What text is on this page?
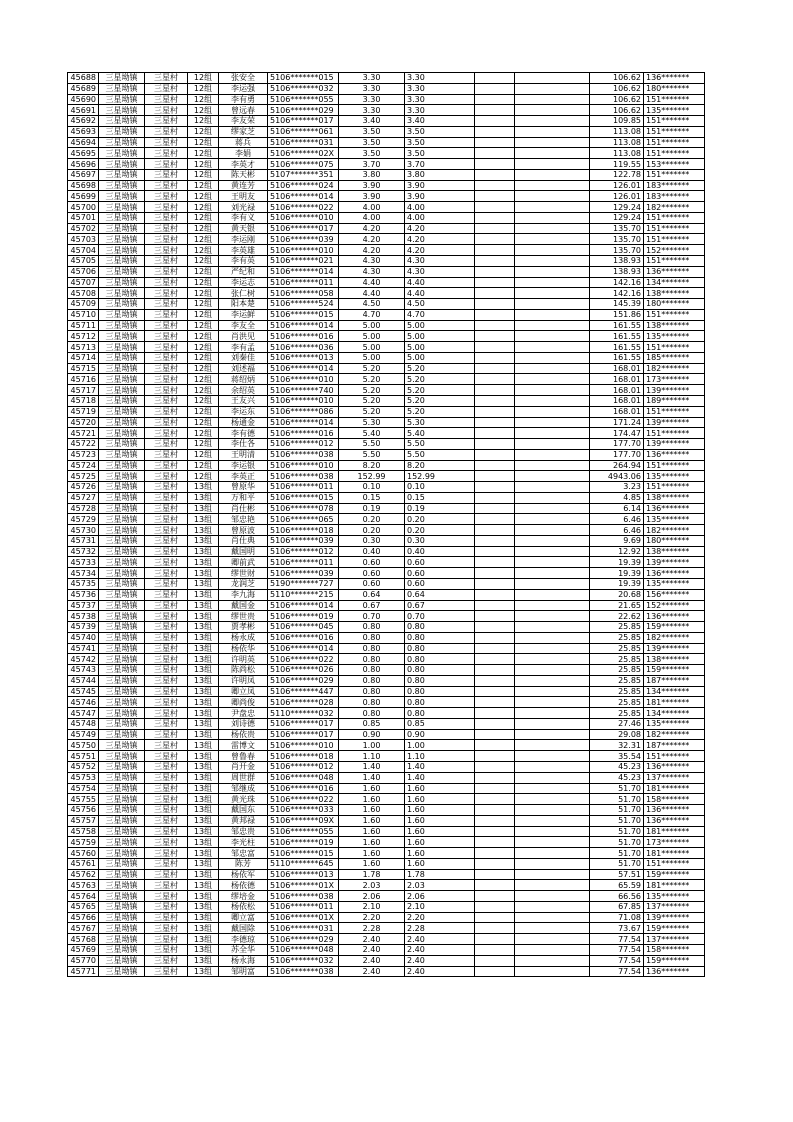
45688	三星坳镇	三星村	12组	张安全	5106*******015	3.30	3.30			106.62	136*******
45689	三星坳镇	三星村	12组	李运强	5106*******032	3.30	3.30			106.62	180*******
45690	三星坳镇	三星村	12组	李有勇	5106*******055	3.30	3.30			106.62	151*******
45691	三星坳镇	三星村	12组	曾远春	5106*******029	3.30	3.30			106.62	135*******
45692	三星坳镇	三星村	12组	李友荣	5106*******017	3.40	3.40			109.85	151*******
45693	三星坳镇	三星村	12组	缪家芝	5106*******061	3.50	3.50			113.08	151*******
45694	三星坳镇	三星村	12组	蒋兵	5106*******031	3.50	3.50			113.08	151*******
45695	三星坳镇	三星村	12组	李娟	5106*******02X	3.50	3.50			113.08	151*******
45696	三星坳镇	三星村	12组	李英才	5106*******075	3.70	3.70			119.55	153*******
45697	三星坳镇	三星村	12组	陈天彬	5107*******351	3.80	3.80			122.78	151*******
45698	三星坳镇	三星村	12组	黄连芳	5106*******024	3.90	3.90			126.01	183*******
45699	三星坳镇	三星村	12组	王明友	5106*******014	3.90	3.90			126.01	183*******
45700	三星坳镇	三星村	12组	刘光禄	5106*******022	4.00	4.00			129.24	182*******
45701	三星坳镇	三星村	12组	李有义	5106*******010	4.00	4.00			129.24	151*******
45702	三星坳镇	三星村	12组	黄天银	5106*******017	4.20	4.20			135.70	151*******
45703	三星坳镇	三星村	12组	李运刚	5106*******039	4.20	4.20			135.70	151*******
45704	三星坳镇	三星村	12组	李英雄	5106*******010	4.20	4.20			135.70	152*******
45705	三星坳镇	三星村	12组	李有英	5106*******021	4.30	4.30			138.93	151*******
45706	三星坳镇	三星村	12组	严纪和	5106*******014	4.30	4.30			138.93	136*******
45707	三星坳镇	三星村	12组	李运志	5106*******011	4.40	4.40			142.16	134*******
45708	三星坳镇	三星村	12组	张仁树	5106*******058	4.40	4.40			142.16	138*******
45709	三星坳镇	三星村	12组	阳本楚	5106*******524	4.50	4.50			145.39	180*******
45710	三星坳镇	三星村	12组	李运鲜	5106*******015	4.70	4.70			151.86	151*******
45711	三星坳镇	三星村	12组	李友全	5106*******014	5.00	5.00			161.55	138*******
45712	三星坳镇	三星村	12组	肖洪见	5106*******016	5.00	5.00			161.55	135*******
45713	三星坳镇	三星村	12组	李有孟	5106*******036	5.00	5.00			161.55	151*******
45714	三星坳镇	三星村	12组	刘秦佳	5106*******013	5.00	5.00			161.55	185*******
45715	三星坳镇	三星村	12组	刘述福	5106*******014	5.20	5.20			168.01	182*******
45716	三星坳镇	三星村	12组	蒋绍炳	5106*******010	5.20	5.20			168.01	173*******
45717	三星坳镇	三星村	12组	余绍英	5106*******740	5.20	5.20			168.01	139*******
45718	三星坳镇	三星村	12组	王友兴	5106*******010	5.20	5.20			168.01	189*******
45719	三星坳镇	三星村	12组	李运东	5106*******086	5.20	5.20			168.01	151*******
45720	三星坳镇	三星村	12组	杨通金	5106*******014	5.30	5.30			171.24	139*******
45721	三星坳镇	三星村	12组	李有德	5106*******016	5.40	5.40			174.47	151*******
45722	三星坳镇	三星村	12组	李仕各	5106*******012	5.50	5.50			177.70	139*******
45723	三星坳镇	三星村	12组	王明清	5106*******038	5.50	5.50			177.70	136*******
45724	三星坳镇	三星村	12组	李运银	5106*******010	8.20	8.20			264.94	151*******
45725	三星坳镇	三星村	12组	李英正	5106*******038	152.99	152.99			4943.06	135*******
45726	三星坳镇	三星村	13组	曾原华	5106*******011	0.10	0.10			3.23	151*******
45727	三星坳镇	三星村	13组	万和平	5106*******015	0.15	0.15			4.85	138*******
45728	三星坳镇	三星村	13组	肖仕彬	5106*******078	0.19	0.19			6.14	136*******
45729	三星坳镇	三星村	13组	邹忠艳	5106*******065	0.20	0.20			6.46	135*******
45730	三星坳镇	三星村	13组	曾原波	5106*******018	0.20	0.20			6.46	182*******
45731	三星坳镇	三星村	13组	肖仕典	5106*******039	0.30	0.30			9.69	180*******
45732	三星坳镇	三星村	13组	戴国明	5106*******012	0.40	0.40			12.92	138*******
45733	三星坳镇	三星村	13组	卿前武	5106*******011	0.60	0.60			19.39	139*******
45734	三星坳镇	三星村	13组	缪世财	5106*******039	0.60	0.60			19.39	136*******
45735	三星坳镇	三星村	13组	龙润芝	5190*******727	0.60	0.60			19.39	135*******
45736	三星坳镇	三星村	13组	李九海	5110*******215	0.64	0.64			20.68	156*******
45737	三星坳镇	三星村	13组	戴国金	5106*******014	0.67	0.67			21.65	152*******
45738	三星坳镇	三星村	13组	缪世贵	5106*******019	0.70	0.70			22.62	136*******
45739	三星坳镇	三星村	13组	贾孝彬	5106*******045	0.80	0.80			25.85	159*******
45740	三星坳镇	三星村	13组	杨永成	5106*******016	0.80	0.80			25.85	182*******
45741	三星坳镇	三星村	13组	杨依华	5106*******014	0.80	0.80			25.85	139*******
45742	三星坳镇	三星村	13组	许明英	5106*******022	0.80	0.80			25.85	138*******
45743	三星坳镇	三星村	13组	陈尚松	5106*******026	0.80	0.80			25.85	159*******
45744	三星坳镇	三星村	13组	许明凤	5106*******029	0.80	0.80			25.85	187*******
45745	三星坳镇	三星村	13组	卿立凤	5106*******447	0.80	0.80			25.85	134*******
45746	三星坳镇	三星村	13组	卿尚俊	5106*******028	0.80	0.80			25.85	181*******
45747	三星坳镇	三星村	13组	尹盘忠	5110*******032	0.80	0.80			25.85	134*******
45748	三星坳镇	三星村	13组	刘诗德	5106*******017	0.85	0.85			27.46	135*******
45749	三星坳镇	三星村	13组	杨依贵	5106*******017	0.90	0.90			29.08	182*******
45750	三星坳镇	三星村	13组	雷博文	5106*******010	1.00	1.00			32.31	187*******
45751	三星坳镇	三星村	13组	曾鲁春	5106*******018	1.10	1.10			35.54	151*******
45752	三星坳镇	三星村	13组	肖开金	5106*******012	1.40	1.40			45.23	136*******
45753	三星坳镇	三星村	13组	周世群	5106*******048	1.40	1.40			45.23	137*******
45754	三星坳镇	三星村	13组	邹继成	5106*******016	1.60	1.60			51.70	181*******
45755	三星坳镇	三星村	13组	黄光珠	5106*******022	1.60	1.60			51.70	158*******
45756	三星坳镇	三星村	13组	戴国东	5106*******033	1.60	1.60			51.70	136*******
45757	三星坳镇	三星村	13组	黄邦禄	5106*******09X	1.60	1.60			51.70	136*******
45758	三星坳镇	三星村	13组	邹忠贵	5106*******055	1.60	1.60			51.70	181*******
45759	三星坳镇	三星村	13组	李光柱	5106*******019	1.60	1.60			51.70	173*******
45760	三星坳镇	三星村	13组	邹忠富	5106*******015	1.60	1.60			51.70	181*******
45761	三星坳镇	三星村	13组	陈芳	5110*******645	1.60	1.60			51.70	151*******
45762	三星坳镇	三星村	13组	杨依军	5106*******013	1.78	1.78			57.51	159*******
45763	三星坳镇	三星村	13组	杨依德	5106*******01X	2.03	2.03			65.59	181*******
45764	三星坳镇	三星村	13组	缪培金	5106*******038	2.06	2.06			66.56	135*******
45765	三星坳镇	三星村	13组	杨依松	5106*******011	2.10	2.10			67.85	137*******
45766	三星坳镇	三星村	13组	卿立富	5106*******01X	2.20	2.20			71.08	139*******
45767	三星坳镇	三星村	13组	戴国除	5106*******031	2.28	2.28			73.67	159*******
45768	三星坳镇	三星村	13组	李德琼	5106*******029	2.40	2.40			77.54	137*******
45769	三星坳镇	三星村	13组	苏全华	5106*******048	2.40	2.40			77.54	158*******
45770	三星坳镇	三星村	13组	杨永海	5106*******032	2.40	2.40			77.54	159*******
45771	三星坳镇	三星村	13组	邹明富	5106*******038	2.40	2.40			77.54	136*******
